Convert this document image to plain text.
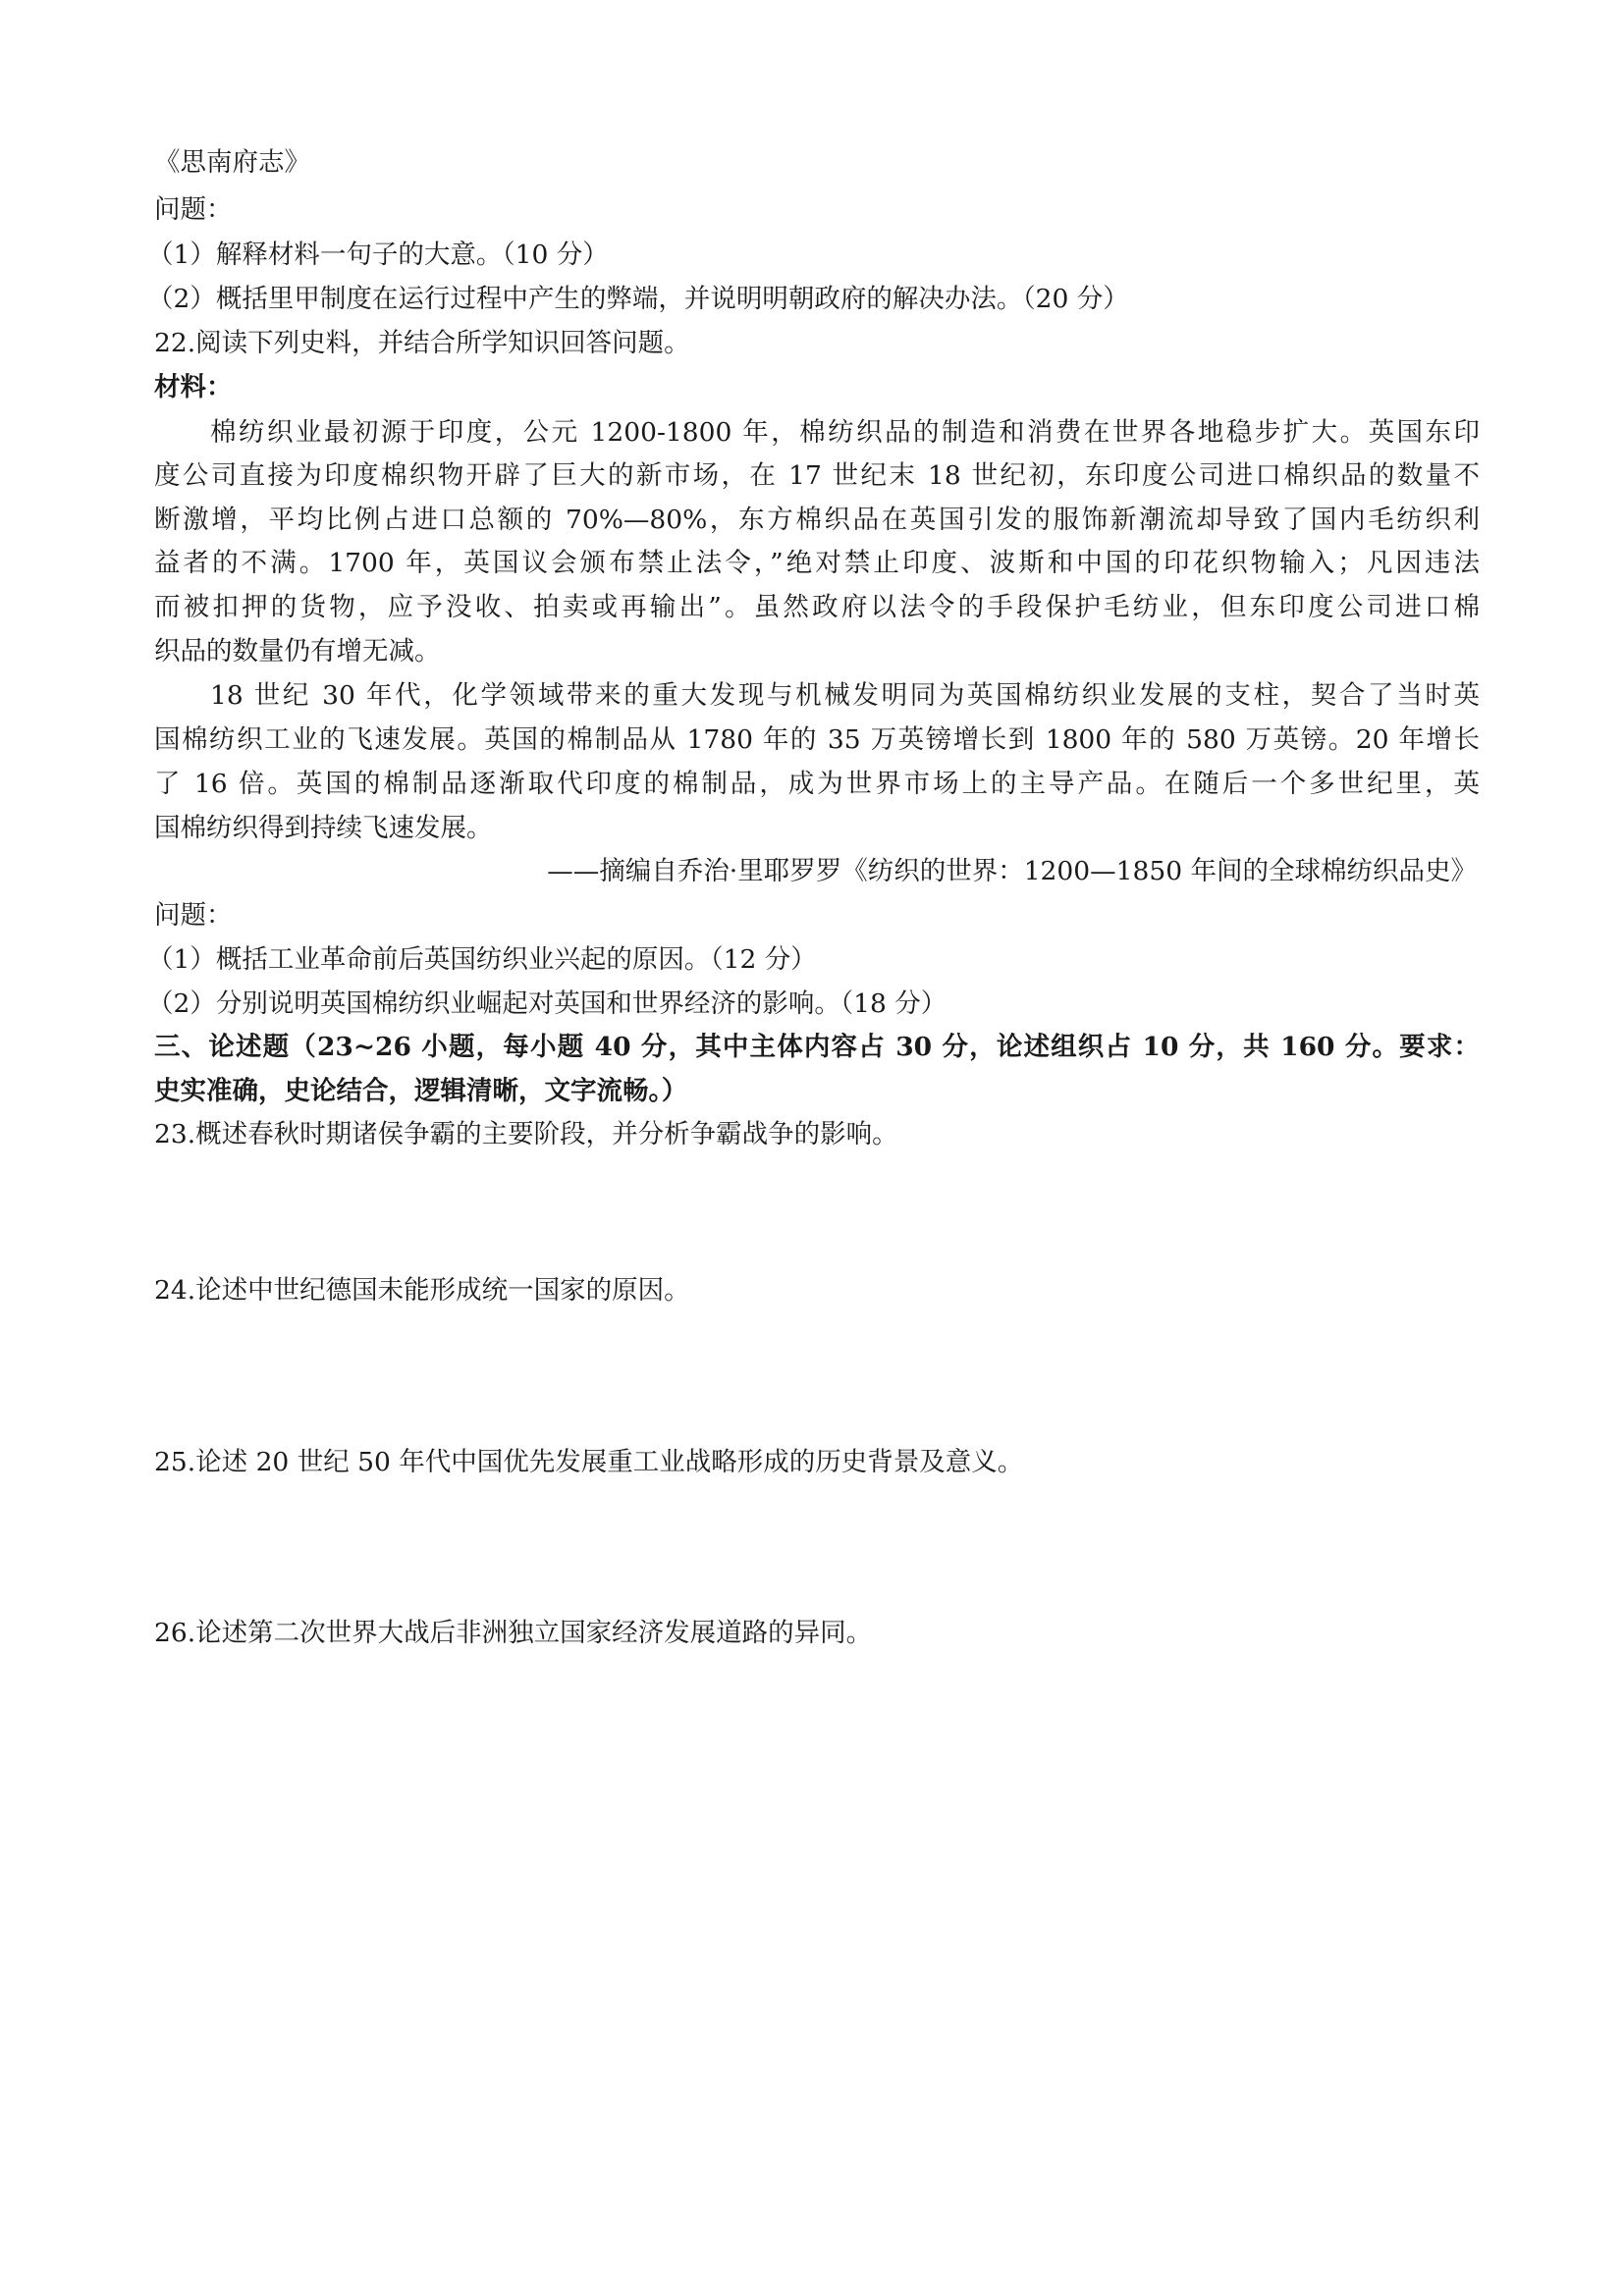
《思南府志》
问题：
（1）解释材料一句子的大意。（10 分）
（2）概括里甲制度在运行过程中产生的弊端，并说明明朝政府的解决办法。（20 分）
22.阅读下列史料，并结合所学知识回答问题。
材料：
棉纺织业最初源于印度，公元 1200-1800 年，棉纺织品的制造和消费在世界各地稳步扩大。英国东印
度公司直接为印度棉织物开辟了巨大的新市场，在 17 世纪末 18 世纪初，东印度公司进口棉织品的数量不
断激增，平均比例占进口总额的 70%—80%，东方棉织品在英国引发的服饰新潮流却导致了国内毛纺织利
益者的不满。1700 年，英国议会颁布禁止法令，”绝对禁止印度、波斯和中国的印花织物输入；凡因违法
而被扣押的货物，应予没收、拍卖或再输出”。虽然政府以法令的手段保护毛纺业，但东印度公司进口棉
织品的数量仍有增无减。
18 世纪 30 年代，化学领域带来的重大发现与机械发明同为英国棉纺织业发展的支柱，契合了当时英
国棉纺织工业的飞速发展。英国的棉制品从 1780 年的 35 万英镑增长到 1800 年的 580 万英镑。20 年增长
了 16 倍。英国的棉制品逐渐取代印度的棉制品，成为世界市场上的主导产品。在随后一个多世纪里，英
国棉纺织得到持续飞速发展。
——摘编自乔治·里耶罗罗《纺织的世界：1200—1850 年间的全球棉纺织品史》
问题：
（1）概括工业革命前后英国纺织业兴起的原因。（12 分）
（2）分别说明英国棉纺织业崛起对英国和世界经济的影响。（18 分）
三、论述题（23~26 小题，每小题 40 分，其中主体内容占 30 分，论述组织占 10 分，共 160 分。要求：
史实准确，史论结合，逻辑清晰，文字流畅。）
23.概述春秋时期诸侯争霸的主要阶段，并分析争霸战争的影响。
24.论述中世纪德国未能形成统一国家的原因。
25.论述 20 世纪 50 年代中国优先发展重工业战略形成的历史背景及意义。
26.论述第二次世界大战后非洲独立国家经济发展道路的异同。
